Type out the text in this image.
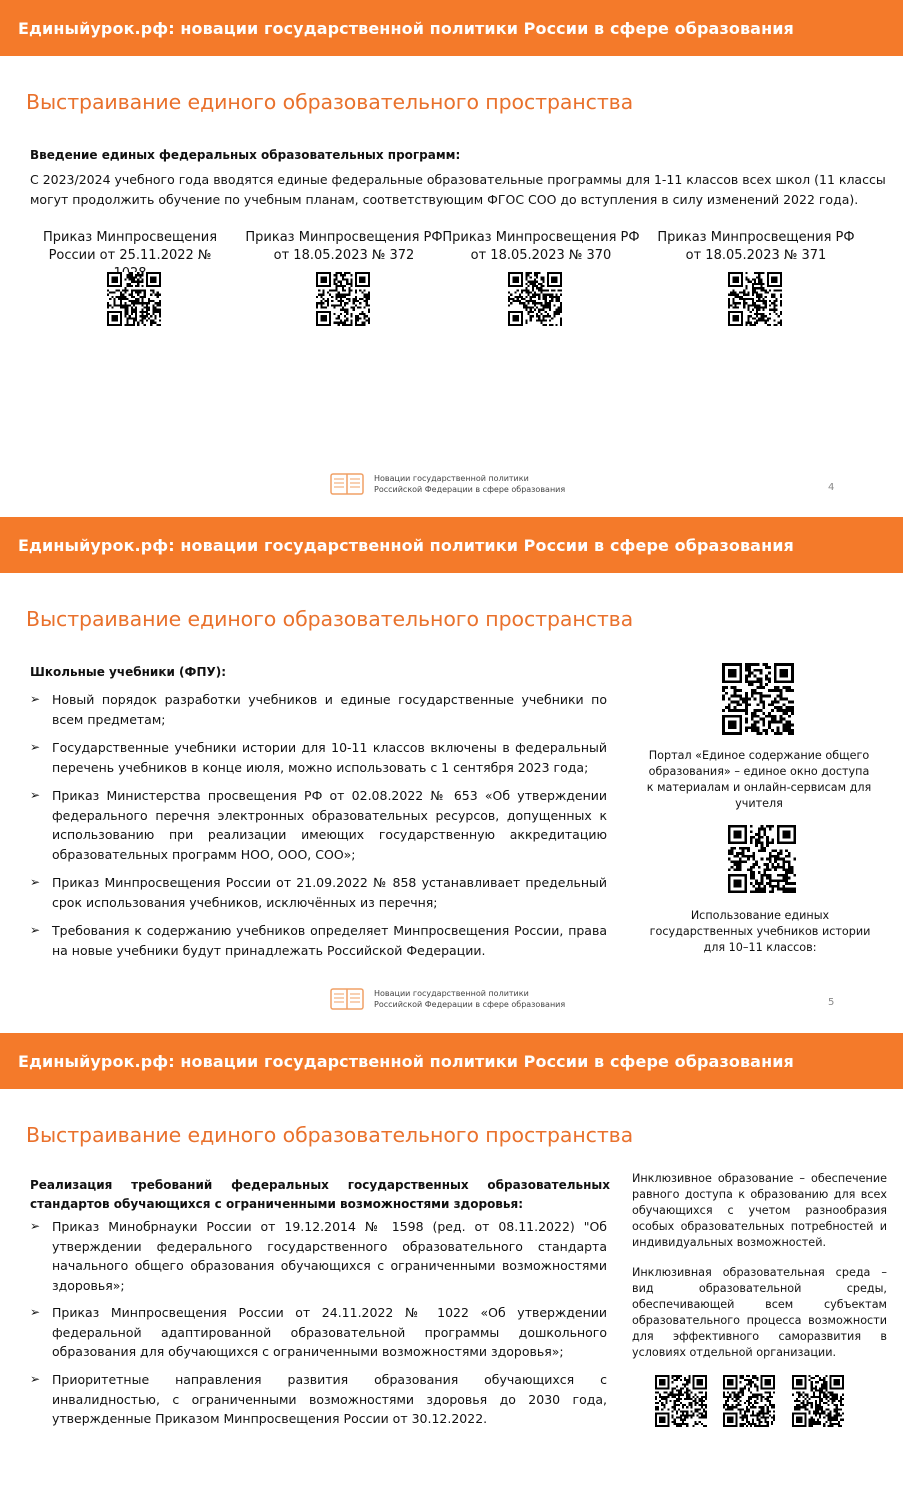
Единыйурок.рф: новации государственной политики России в сфере образования
Выстраивание единого образовательного пространства
Введение единых федеральных образовательных программ:
С 2023/2024 учебного года вводятся единые федеральные образовательные программы для 1-11 классов всех школ (11 классы
могут продолжить обучение по учебным планам, соответствующим ФГОС СОО до вступления в силу изменений 2022 года).
Приказ Минпросвещения
России от 25.11.2022 №
Приказ Минпросвещения РФ
от 18.05.2023 № 372
Приказ Минпросвещения РФ
от 18.05.2023 № 370
Приказ Минпросвещения РФ
от 18.05.2023 № 371
Новации государственной политики
Российской Федерации в сфере образования	4
Единыйурок.рф: новации государственной политики России в сфере образования
Выстраивание единого образовательного пространства
Школьные учебники (ФПУ):
➢ Новый порядок разработки учебников и единые государственные учебники по всем предметам;
➢ Государственные учебники истории для 10-11 классов включены в федеральный перечень учебников в конце июля, можно использовать с 1 сентября 2023 года;
➢ Приказ Министерства просвещения РФ от 02.08.2022 № 653 «Об утверждении федерального перечня электронных образовательных ресурсов, допущенных к использованию при реализации имеющих государственную аккредитацию образовательных программ НОО, ООО, СОО»;
➢ Приказ Минпросвещения России от 21.09.2022 № 858 устанавливает предельный срок использования учебников, исключённых из перечня;
➢ Требования к содержанию учебников определяет Минпросвещения России, права на новые учебники будут принадлежать Российской Федерации.
Портал «Единое содержание общего образования» – единое окно доступа к материалам и онлайн-сервисам для учителя
Использование единых государственных учебников истории для 10–11 классов:
Новации государственной политики
Российской Федерации в сфере образования	5
Единыйурок.рф: новации государственной политики России в сфере образования
Выстраивание единого образовательного пространства
Реализация требований федеральных государственных образовательных стандартов обучающихся с ограниченными возможностями здоровья:
➢ Приказ Минобрнауки России от 19.12.2014 № 1598 (ред. от 08.11.2022) "Об утверждении федерального государственного образовательного стандарта начального общего образования обучающихся с ограниченными возможностями здоровья»;
➢ Приказ Минпросвещения России от 24.11.2022 № 1022 «Об утверждении федеральной адаптированной образовательной программы дошкольного образования для обучающихся с ограниченными возможностями здоровья»;
➢ Приоритетные направления развития образования обучающихся с инвалидностью, с ограниченными возможностями здоровья до 2030 года, утвержденные Приказом Минпросвещения России от 30.12.2022.
Инклюзивное образование – обеспечение равного доступа к образованию для всех обучающихся с учетом разнообразия особых образовательных потребностей и индивидуальных возможностей.
Инклюзивная образовательная среда – вид образовательной среды, обеспечивающей всем субъектам образовательного процесса возможности для эффективного саморазвития в условиях отдельной организации.
